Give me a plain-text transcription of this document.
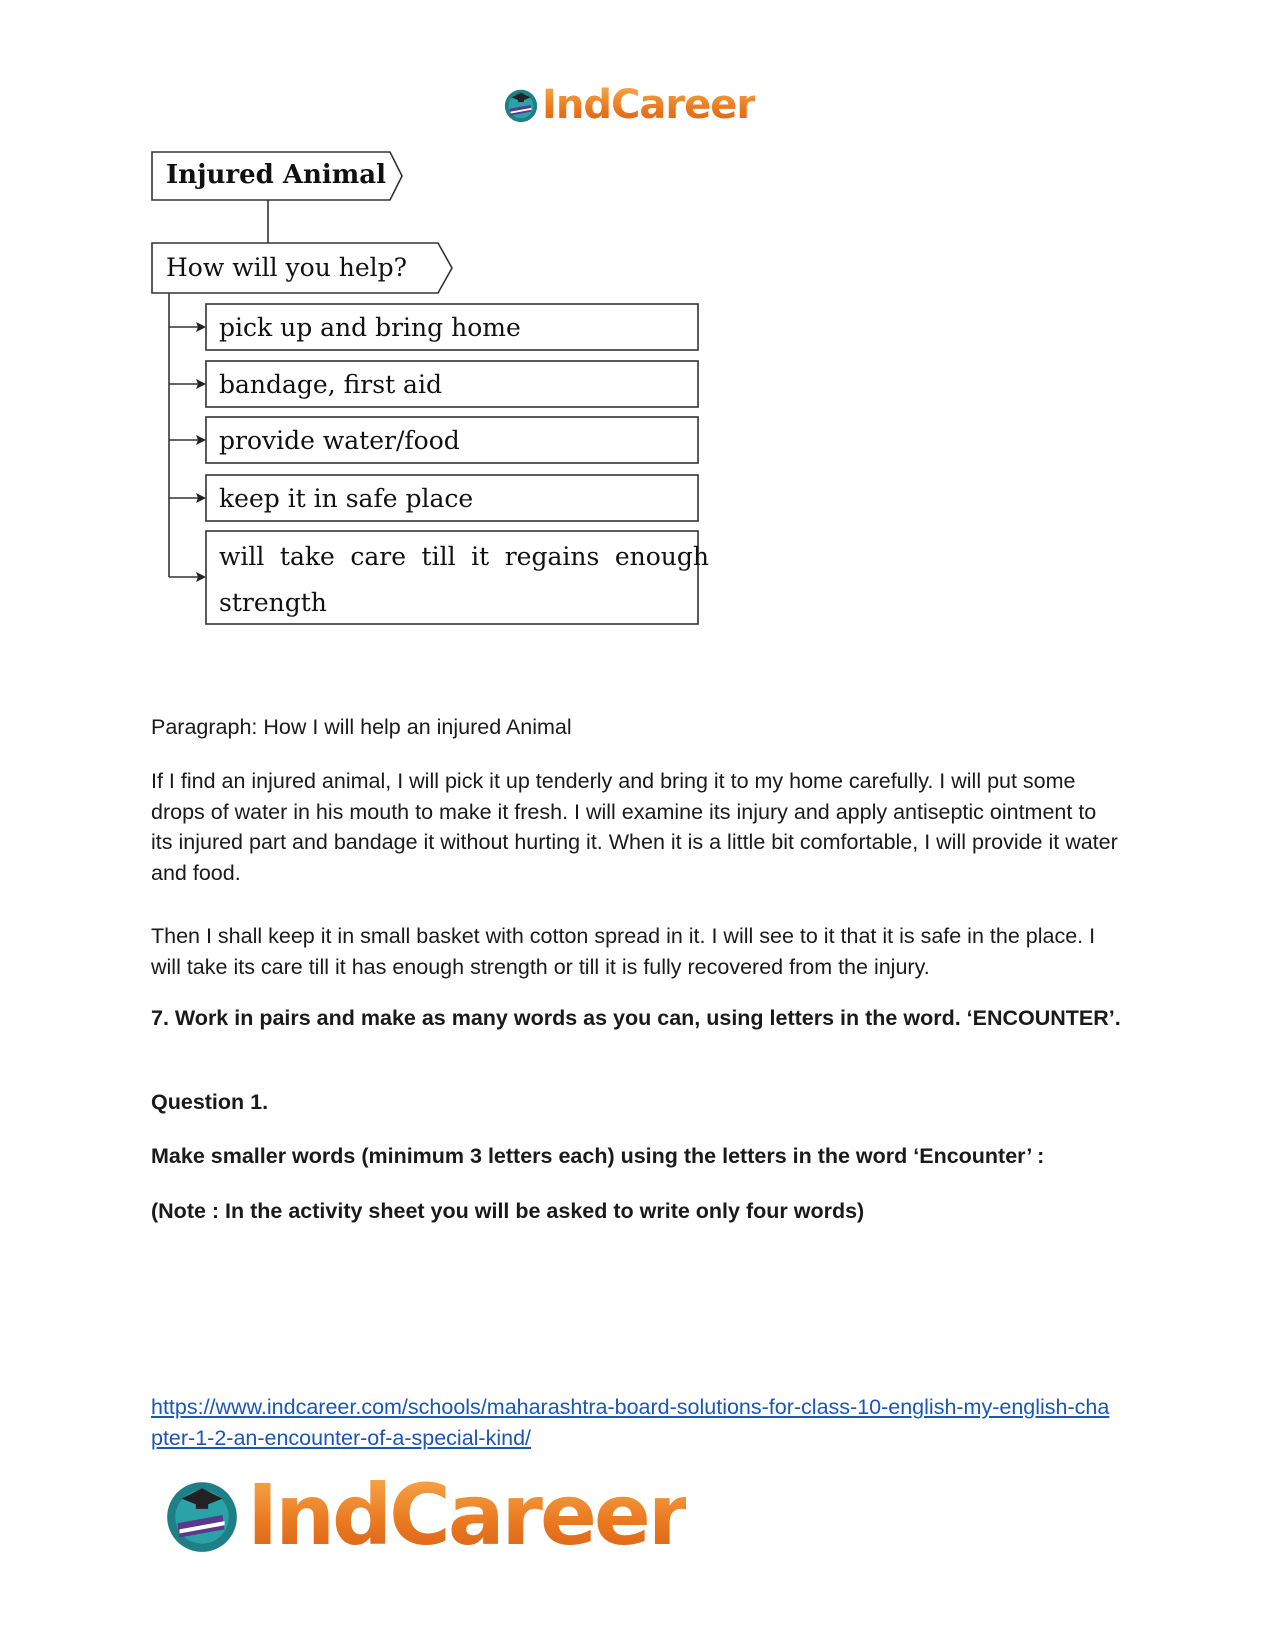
IndCareer
Injured Animal
How will you help?
pick up and bring home
bandage, first aid
provide water/food
keep it in safe place
will take care till it regains enough strength
Paragraph: How I will help an injured Animal
If I find an injured animal, I will pick it up tenderly and bring it to my home carefully. I will put some drops of water in his mouth to make it fresh. I will examine its injury and apply antiseptic ointment to its injured part and bandage it without hurting it. When it is a little bit comfortable, I will provide it water and food.
Then I shall keep it in small basket with cotton spread in it. I will see to it that it is safe in the place. I will take its care till it has enough strength or till it is fully recovered from the injury.
7. Work in pairs and make as many words as you can, using letters in the word. ‘ENCOUNTER’.
Question 1.
Make smaller words (minimum 3 letters each) using the letters in the word ‘Encounter’ :
(Note : In the activity sheet you will be asked to write only four words)
https://www.indcareer.com/schools/maharashtra-board-solutions-for-class-10-english-my-english-chapter-1-2-an-encounter-of-a-special-kind/
IndCareer
